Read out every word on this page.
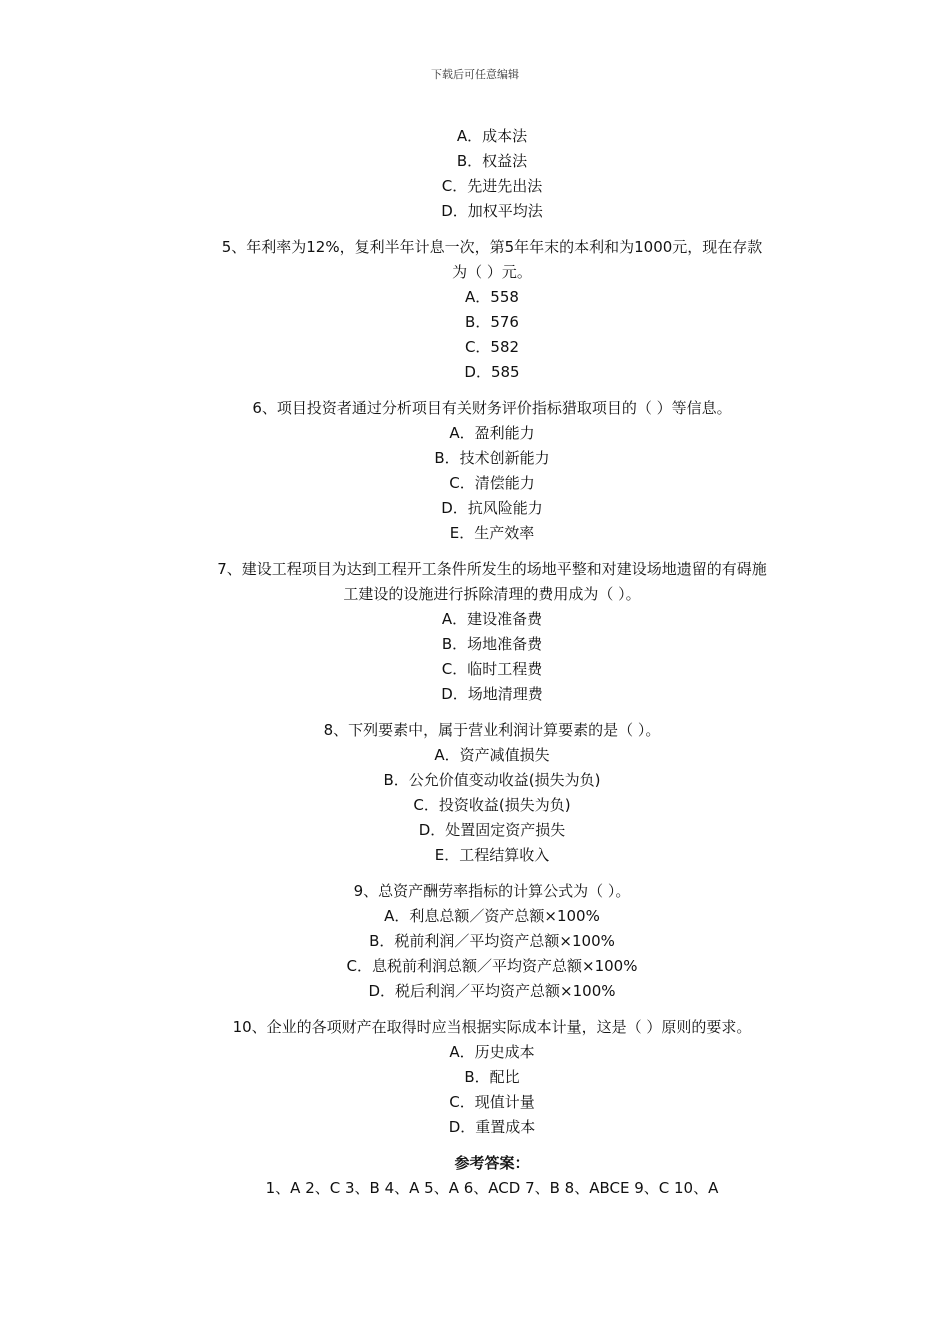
下载后可任意编辑
A．成本法
B．权益法
C．先进先出法
D．加权平均法
5、年利率为12%，复利半年计息一次，第5年年末的本利和为1000元，现在存款
为（ ）元。
A．558
B．576
C．582
D．585
6、项目投资者通过分析项目有关财务评价指标猎取项目的（ ）等信息。
A．盈利能力
B．技术创新能力
C．清偿能力
D．抗风险能力
E．生产效率
7、建设工程项目为达到工程开工条件所发生的场地平整和对建设场地遗留的有碍施
工建设的设施进行拆除清理的费用成为（ ）。
A．建设准备费
B．场地准备费
C．临时工程费
D．场地清理费
8、下列要素中，属于营业利润计算要素的是（ ）。
A．资产减值损失
B．公允价值变动收益(损失为负)
C．投资收益(损失为负)
D．处置固定资产损失
E．工程结算收入
9、总资产酬劳率指标的计算公式为（ ）。
A．利息总额／资产总额×100%
B．税前利润／平均资产总额×100%
C．息税前利润总额／平均资产总额×100%
D．税后利润／平均资产总额×100%
10、企业的各项财产在取得时应当根据实际成本计量，这是（ ）原则的要求。
A．历史成本
B．配比
C．现值计量
D．重置成本
参考答案：
1、A 2、C 3、B 4、A 5、A 6、ACD 7、B 8、ABCE 9、C 10、A
